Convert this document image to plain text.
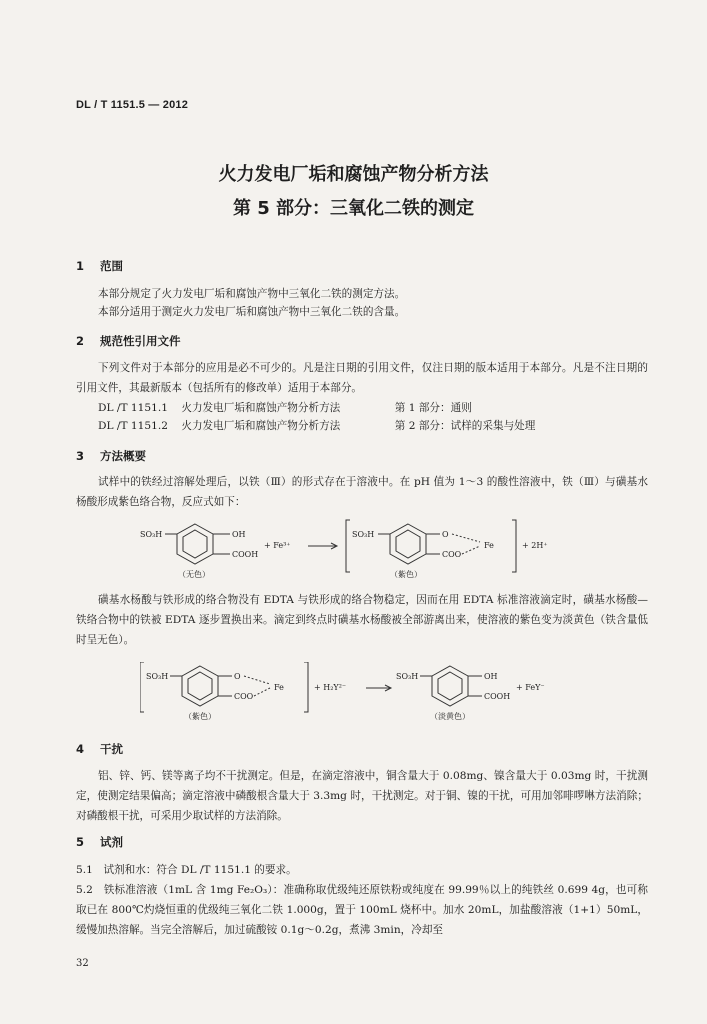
DL / T 1151.5 — 2012
火力发电厂垢和腐蚀产物分析方法
第 5 部分：三氧化二铁的测定
1 范围
本部分规定了火力发电厂垢和腐蚀产物中三氧化二铁的测定方法。
本部分适用于测定火力发电厂垢和腐蚀产物中三氧化二铁的含量。
2 规范性引用文件
下列文件对于本部分的应用是必不可少的。凡是注日期的引用文件，仅注日期的版本适用于本部分。凡是不注日期的引用文件，其最新版本（包括所有的修改单）适用于本部分。
DL /T 1151.1 火力发电厂垢和腐蚀产物分析方法	第 1 部分：通则
DL /T 1151.2 火力发电厂垢和腐蚀产物分析方法	第 2 部分：试样的采集与处理
3 方法概要
试样中的铁经过溶解处理后，以铁（Ⅲ）的形式存在于溶液中。在 pH 值为 1～3 的酸性溶液中，铁（Ⅲ）与磺基水杨酸形成紫色络合物，反应式如下：
SO₃H	OH
COOH
+ Fe³⁺
SO₃H	O
COO
Fe	+ 2H⁺
（无色）	（紫色）
磺基水杨酸与铁形成的络合物没有 EDTA 与铁形成的络合物稳定，因而在用 EDTA 标准溶液滴定时，磺基水杨酸—铁络合物中的铁被 EDTA 逐步置换出来。滴定到终点时磺基水杨酸被全部游离出来，使溶液的紫色变为淡黄色（铁含量低时呈无色）。
SO₃H	O
COO
Fe	+ H₂Y²⁻
SO₃H	OH
COOH
+ FeY⁻
（紫色）	（淡黄色）
4 干扰
铝、锌、钙、镁等离子均不干扰测定。但是，在滴定溶液中，铜含量大于 0.08mg、镍含量大于 0.03mg 时，干扰测定，使测定结果偏高；滴定溶液中磷酸根含量大于 3.3mg 时，干扰测定。对于铜、镍的干扰，可用加邻啡啰啉方法消除；对磷酸根干扰，可采用少取试样的方法消除。
5 试剂
5.1　试剂和水：符合 DL /T 1151.1 的要求。
5.2　铁标准溶液（1mL 含 1mg Fe₂O₃）：准确称取优级纯还原铁粉或纯度在 99.99％以上的纯铁丝 0.699 4g，也可称取已在 800℃灼烧恒重的优级纯三氧化二铁 1.000g，置于 100mL 烧杯中。加水 20mL，加盐酸溶液（1+1）50mL，缓慢加热溶解。当完全溶解后，加过硫酸铵 0.1g～0.2g，煮沸 3min，冷却至
32
